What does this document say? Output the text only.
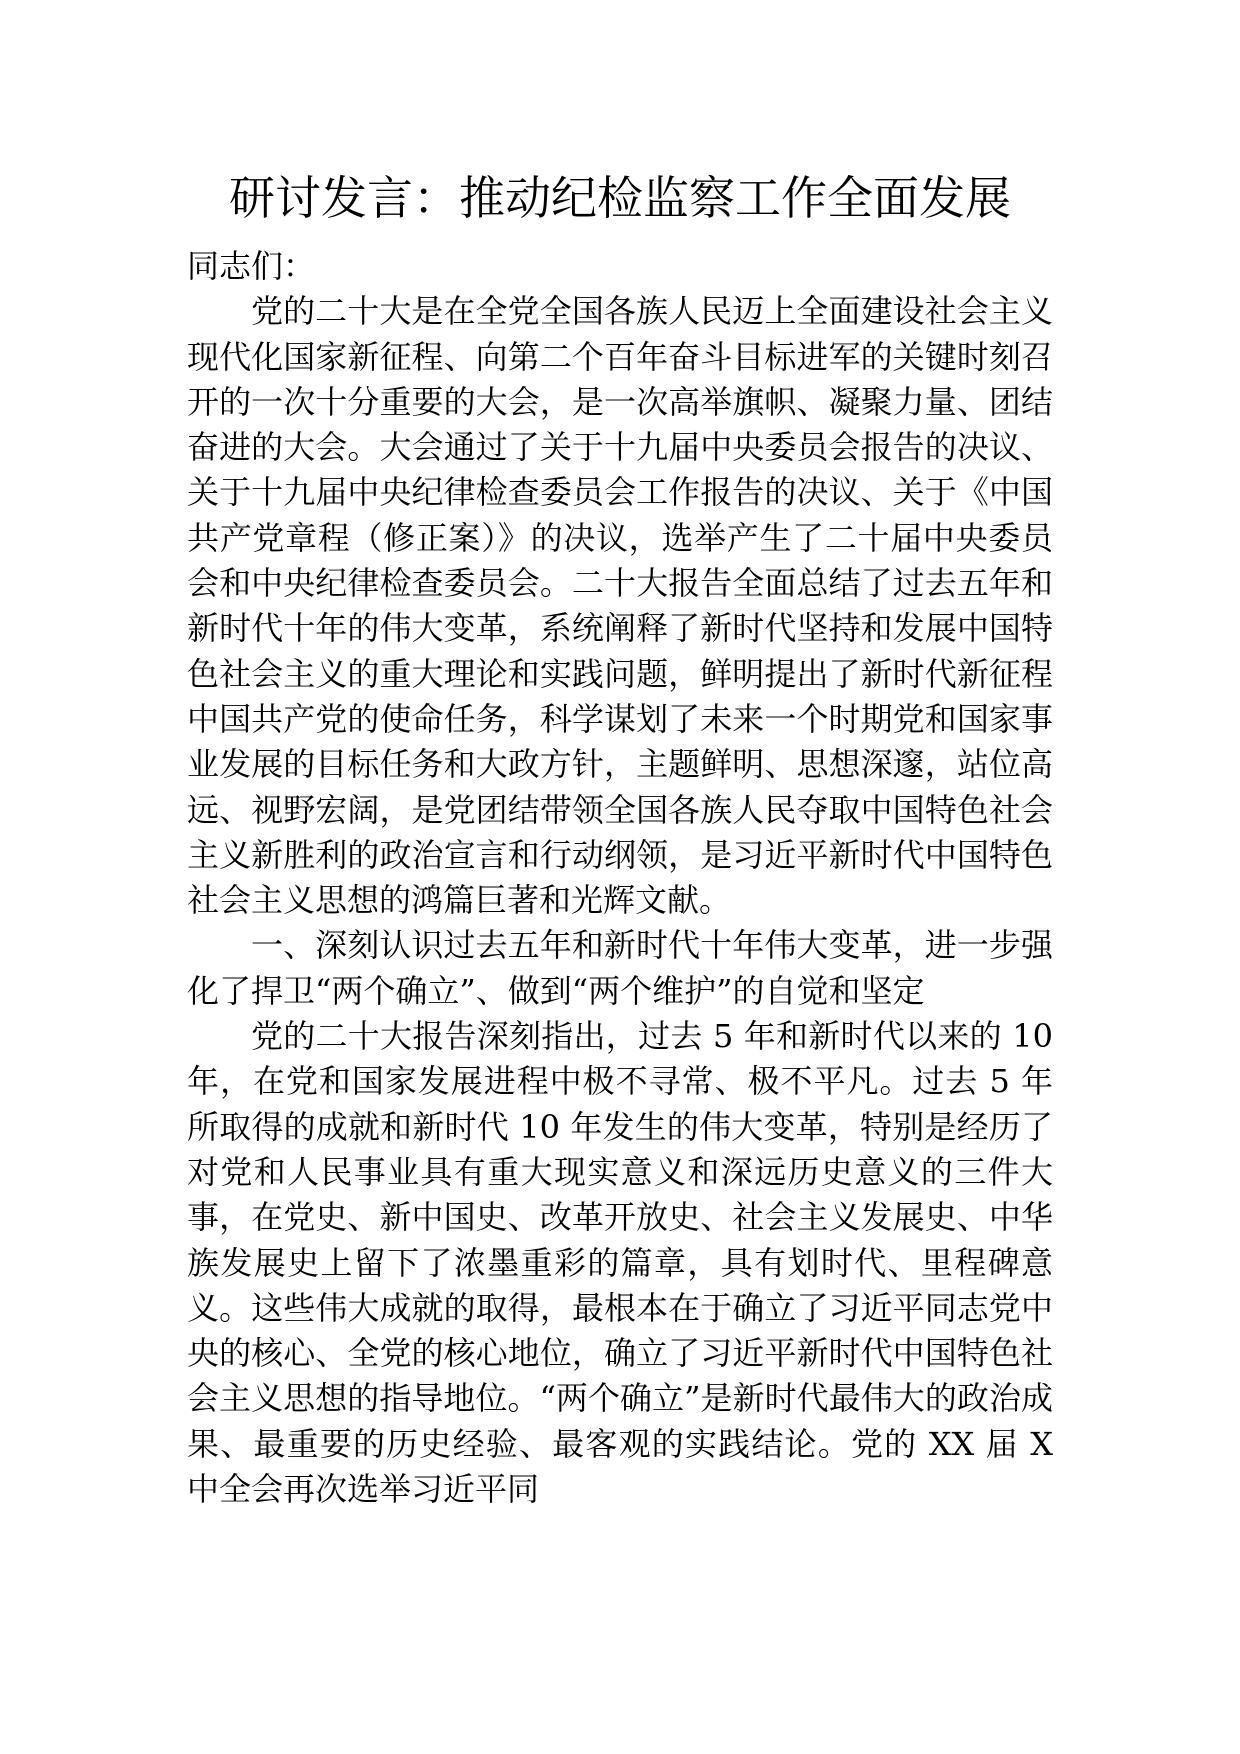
研讨发言：推动纪检监察工作全面发展

同志们：

党的二十大是在全党全国各族人民迈上全面建设社会主义现代化国家新征程、向第二个百年奋斗目标进军的关键时刻召开的一次十分重要的大会，是一次高举旗帜、凝聚力量、团结奋进的大会。大会通过了关于十九届中央委员会报告的决议、关于十九届中央纪律检查委员会工作报告的决议、关于《中国共产党章程（修正案）》的决议，选举产生了二十届中央委员会和中央纪律检查委员会。二十大报告全面总结了过去五年和新时代十年的伟大变革，系统阐释了新时代坚持和发展中国特色社会主义的重大理论和实践问题，鲜明提出了新时代新征程中国共产党的使命任务，科学谋划了未来一个时期党和国家事业发展的目标任务和大政方针，主题鲜明、思想深邃，站位高远、视野宏阔，是党团结带领全国各族人民夺取中国特色社会主义新胜利的政治宣言和行动纲领，是习近平新时代中国特色社会主义思想的鸿篇巨著和光辉文献。

一、深刻认识过去五年和新时代十年伟大变革，进一步强化了捍卫“两个确立”、做到“两个维护”的自觉和坚定

党的二十大报告深刻指出，过去 5 年和新时代以来的 10 年，在党和国家发展进程中极不寻常、极不平凡。过去 5 年所取得的成就和新时代 10 年发生的伟大变革，特别是经历了对党和人民事业具有重大现实意义和深远历史意义的三件大事，在党史、新中国史、改革开放史、社会主义发展史、中华族发展史上留下了浓墨重彩的篇章，具有划时代、里程碑意义。这些伟大成就的取得，最根本在于确立了习近平同志党中央的核心、全党的核心地位，确立了习近平新时代中国特色社会主义思想的指导地位。“两个确立”是新时代最伟大的政治成果、最重要的历史经验、最客观的实践结论。党的 XX 届 X 中全会再次选举习近平同
